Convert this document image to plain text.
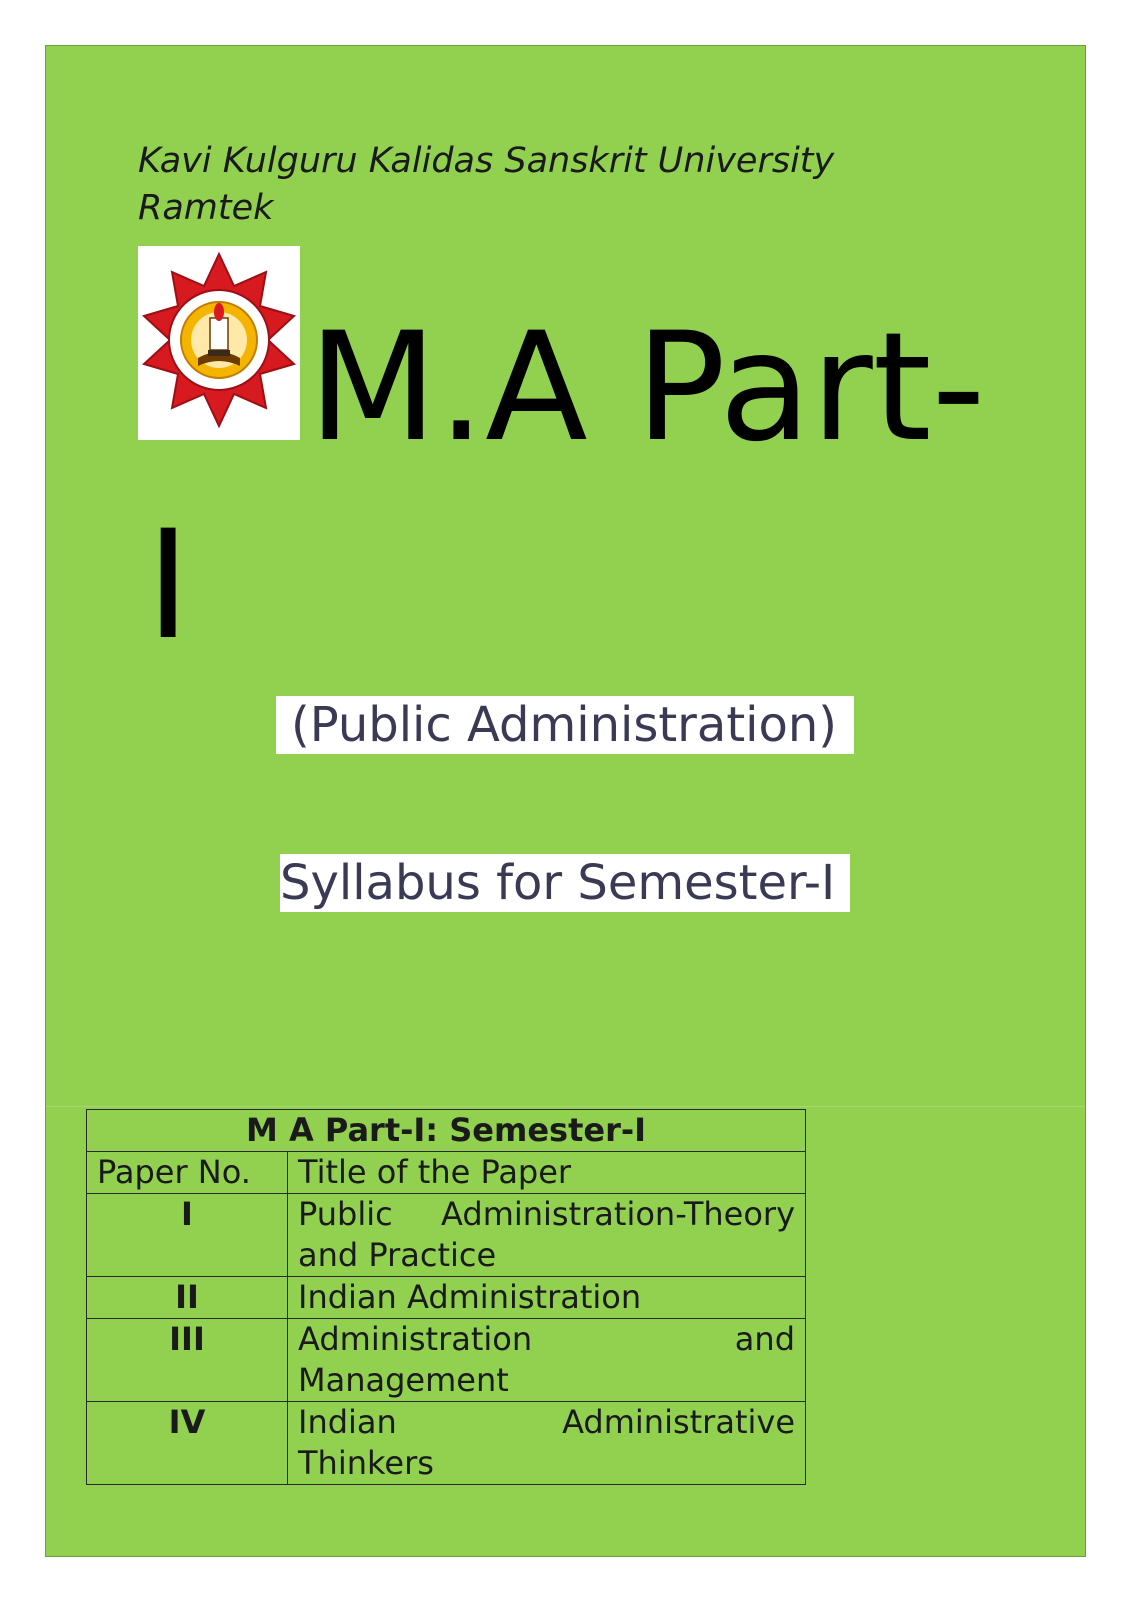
Kavi Kulguru Kalidas Sanskrit University
Ramtek
M.A Part-
I
(Public Administration)
Syllabus for Semester-I
M A Part-I: Semester-I	
Paper No.	Title of the Paper
I	Public Administration-Theory and Practice
II	Indian Administration
III	Administration and
Management

IV	Indian Administrative
Thinkers
